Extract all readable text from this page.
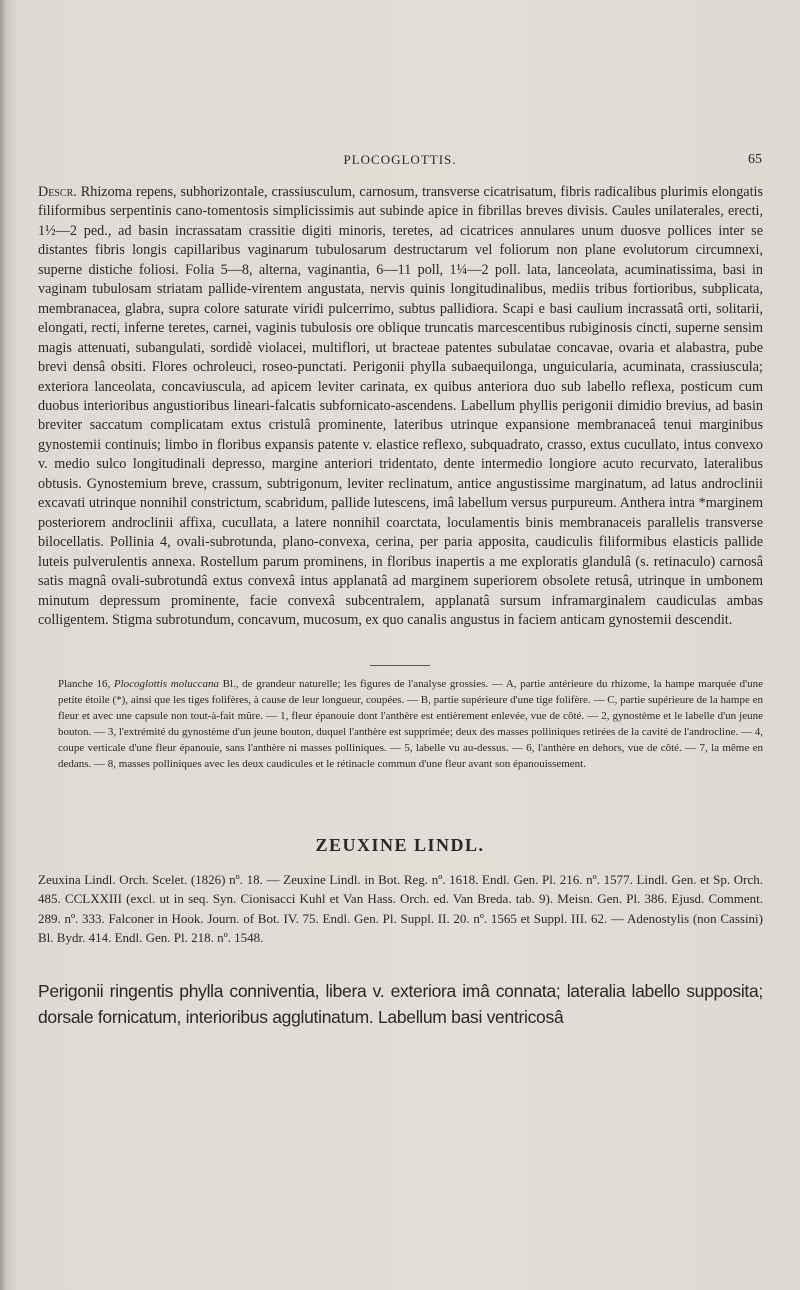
PLOCOGLOTTIS.	65
Descr. Rhizoma repens, subhorizontale, crassiusculum, carnosum, transverse cicatrisatum, fibris radicalibus plurimis elongatis filiformibus serpentinis cano-tomentosis simplicissimis aut subinde apice in fibrillas breves divisis. Caules unilaterales, erecti, 1½—2 ped., ad basin incrassatam crassitie digiti minoris, teretes, ad cicatrices annulares unum duosve pollices inter se distantes fibris longis capillaribus vaginarum tubulosarum destructarum vel foliorum non plane evolutorum circumnexi, superne distiche foliosi. Folia 5—8, alterna, vaginantia, 6—11 poll, 1¼—2 poll. lata, lanceolata, acuminatissima, basi in vaginam tubulosam striatam pallide-virentem angustata, nervis quinis longitudinalibus, mediis tribus fortioribus, subplicata, membranacea, glabra, supra colore saturate viridi pulcerrimo, subtus pallidiora. Scapi e basi caulium incrassatâ orti, solitarii, elongati, recti, inferne teretes, carnei, vaginis tubulosis ore oblique truncatis marcescentibus rubiginosis cincti, superne sensim magis attenuati, subangulati, sordidè violacei, multiflori, ut bracteae patentes subulatae concavae, ovaria et alabastra, pube brevi densâ obsiti. Flores ochroleuci, roseo-punctati. Perigonii phylla subaequilonga, unguicularia, acuminata, crassiuscula; exteriora lanceolata, concaviuscula, ad apicem leviter carinata, ex quibus anteriora duo sub labello reflexa, posticum cum duobus interioribus angustioribus lineari-falcatis subfornicato-ascendens. Labellum phyllis perigonii dimidio brevius, ad basin breviter saccatum complicatam extus cristulâ prominente, lateribus utrinque expansione membranaceâ tenui marginibus gynostemii continuis; limbo in floribus expansis patente v. elastice reflexo, subquadrato, crasso, extus cucullato, intus convexo v. medio sulco longitudinali depresso, margine anteriori tridentato, dente intermedio longiore acuto recurvato, lateralibus obtusis. Gynostemium breve, crassum, subtrigonum, leviter reclinatum, antice angustissime marginatum, ad latus androclinii excavati utrinque nonnihil constrictum, scabridum, pallide lutescens, imâ labellum versus purpureum. Anthera intra *marginem posteriorem androclinii affixa, cucullata, a latere nonnihil coarctata, loculamentis binis membranaceis parallelis transverse bilocellatis. Pollinia 4, ovali-subrotunda, plano-convexa, cerina, per paria apposita, caudiculis filiformibus elasticis pallide luteis pulverulentis annexa. Rostellum parum prominens, in floribus inapertis a me exploratis glandulâ (s. retinaculo) carnosâ satis magnâ ovali-subrotundâ extus convexâ intus applanatâ ad marginem superiorem obsolete retusâ, utrinque in umbonem minutum depressum prominente, facie convexâ subcentralem, applanatâ sursum inframarginalem caudiculas ambas colligentem. Stigma subrotundum, concavum, mucosum, ex quo canalis angustus in faciem anticam gynostemii descendit.
Planche 16, Plocoglottis moluccana Bl., de grandeur naturelle; les figures de l'analyse grossies. — A, partie antérieure du rhizome, la hampe marquée d'une petite étoile (*), ainsi que les tiges folifères, à cause de leur longueur, coupées. — B, partie supérieure d'une tige folifère. — C, partie supérieure de la hampe en fleur et avec une capsule non tout-à-fait mûre. — 1, fleur épanouie dont l'anthère est entièrement enlevée, vue de côté. — 2, gynostème et le labelle d'un jeune bouton. — 3, l'extrémité du gynostème d'un jeune bouton, duquel l'anthère est supprimée; deux des masses polliniques retirées de la cavité de l'androcline. — 4, coupe verticale d'une fleur épanouie, sans l'anthère ni masses polliniques. — 5, labelle vu au-dessus. — 6, l'anthère en dehors, vue de côté. — 7, la même en dedans. — 8, masses polliniques avec les deux caudicules et le rétinacle commun d'une fleur avant son épanouissement.
ZEUXINE LINDL.
Zeuxina Lindl. Orch. Scelet. (1826) nº. 18. — Zeuxine Lindl. in Bot. Reg. nº. 1618. Endl. Gen. Pl. 216. nº. 1577. Lindl. Gen. et Sp. Orch. 485. CCLXXIII (excl. ut in seq. Syn. Cionisacci Kuhl et Van Hass. Orch. ed. Van Breda. tab. 9). Meisn. Gen. Pl. 386. Ejusd. Comment. 289. nº. 333. Falconer in Hook. Journ. of Bot. IV. 75. Endl. Gen. Pl. Suppl. II. 20. nº. 1565 et Suppl. III. 62. — Adenostylis (non Cassini) Bl. Bydr. 414. Endl. Gen. Pl. 218. nº. 1548.
Perigonii ringentis phylla conniventia, libera v. exteriora imâ connata; lateralia labello supposita; dorsale fornicatum, interioribus agglutinatum. Labellum basi ventricosâ
